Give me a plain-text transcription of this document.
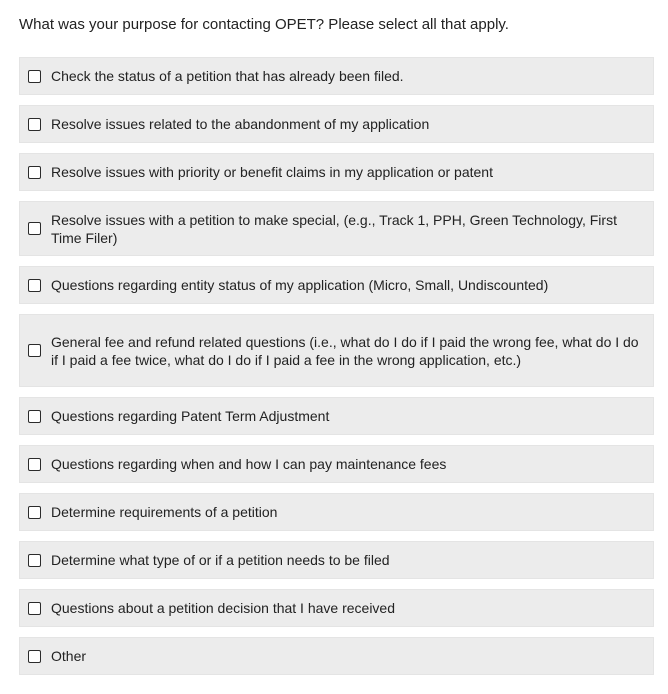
What was your purpose for contacting OPET? Please select all that apply.
Check the status of a petition that has already been filed.
Resolve issues related to the abandonment of my application
Resolve issues with priority or benefit claims in my application or patent
Resolve issues with a petition to make special, (e.g., Track 1, PPH, Green Technology, First Time Filer)
Questions regarding entity status of my application (Micro, Small, Undiscounted)
General fee and refund related questions (i.e., what do I do if I paid the wrong fee, what do I do if I paid a fee twice, what do I do if I paid a fee in the wrong application, etc.)
Questions regarding Patent Term Adjustment
Questions regarding when and how I can pay maintenance fees
Determine requirements of a petition
Determine what type of or if a petition needs to be filed
Questions about a petition decision that I have received
Other
